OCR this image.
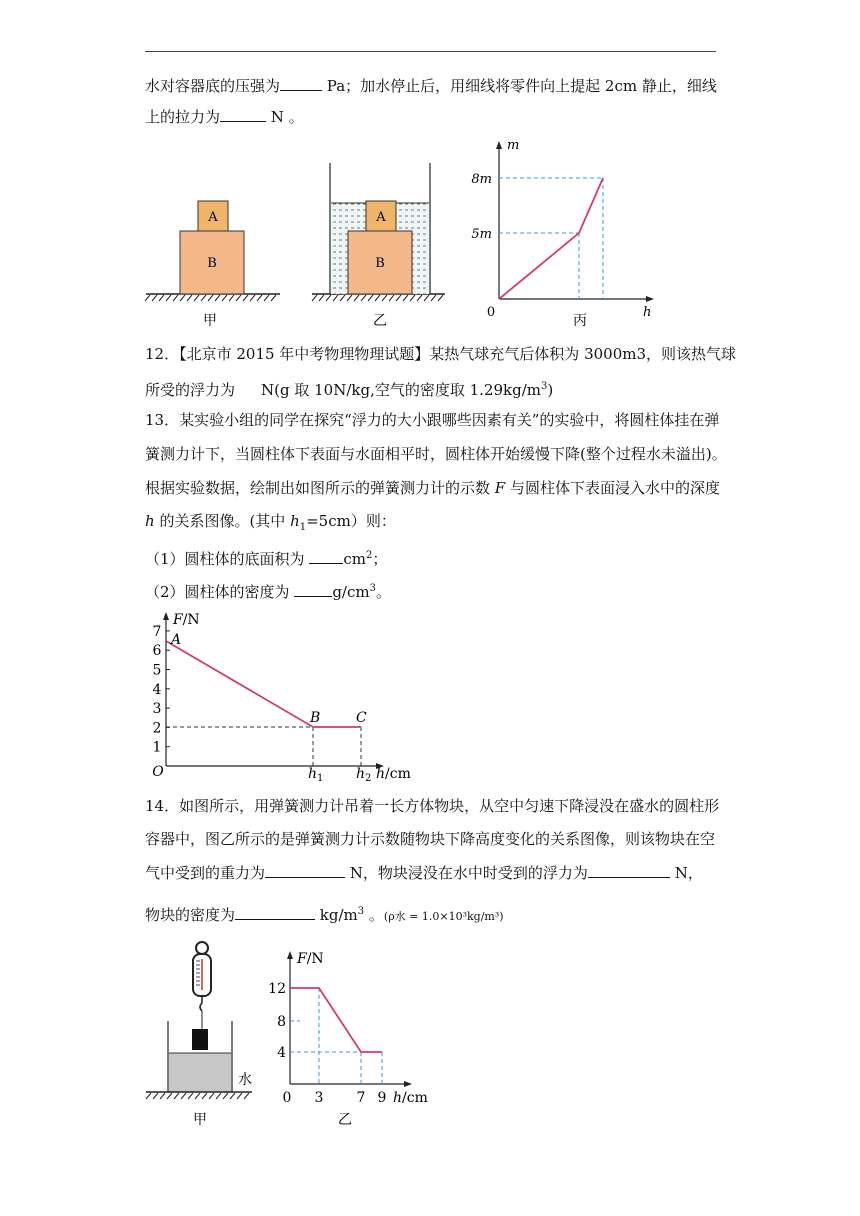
水对容器底的压强为	Pa；加水停止后，用细线将零件向上提起 2cm 静止，细线
上的拉力为	N 。
A
B
甲
A
B
乙
m
h
0
8m
5m
丙
12．【北京市 2015 年中考物理物理试题】某热气球充气后体积为 3000m3，则该热气球
所受的浮力为 N(g 取 10N/kg,空气的密度取 $1.29kg/m^3$)
13．某实验小组的同学在探究“浮力的大小跟哪些因素有关”的实验中，将圆柱体挂在弹
簧测力计下，当圆柱体下表面与水面相平时，圆柱体开始缓慢下降(整个过程水未溢出)。
根据实验数据，绘制出如图所示的弹簧测力计的示数 F 与圆柱体下表面浸入水中的深度
h 的关系图像。(其中 $h_1=5cm$）则：
（1）圆柱体的底面积为 $cm^2$；
（2）圆柱体的密度为	$g/cm^3$。
F/N
O
1
2
3
4
5
6
7
A
B	C
$h_1$ $h_2$ h/cm
14．如图所示，用弹簧测力计吊着一长方体物块，从空中匀速下降浸没在盛水的圆柱形
容器中，图乙所示的是弹簧测力计示数随物块下降高度变化的关系图像，则该物块在空
气中受到的重力为	N，物块浸没在水中时受到的浮力为	N，
物块的密度为	$kg/m^3$ 。(ρ水 = 1.0×10³kg/m³)
水
甲
F/N
12
8
4
0 3 7 9 h/cm
乙
